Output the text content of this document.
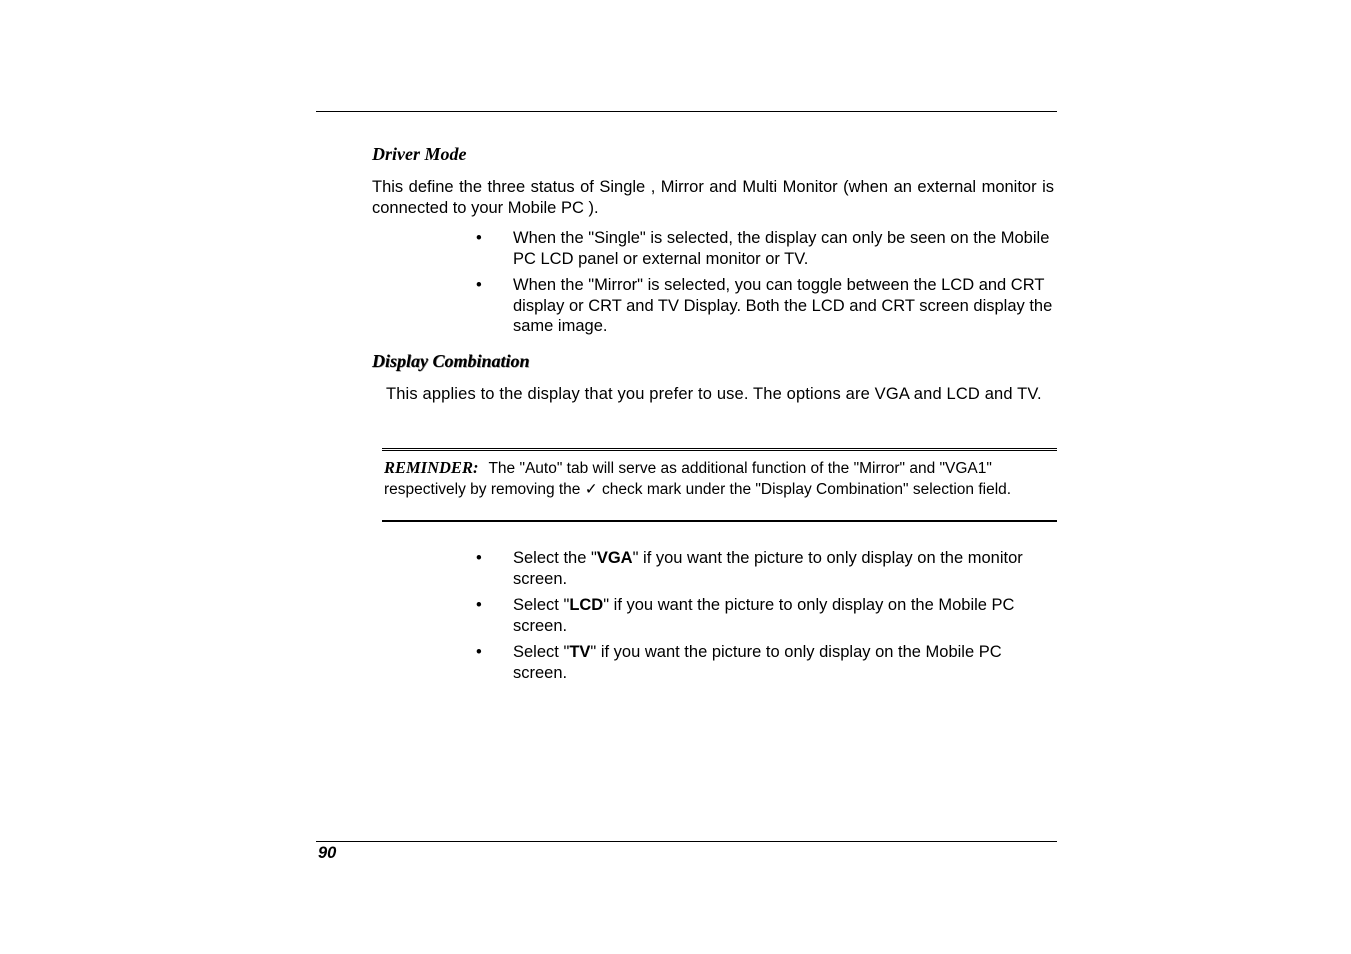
Driver Mode

This define the three status of Single , Mirror and Multi Monitor (when an external monitor is connected to your Mobile PC ).

•	When the "Single" is selected, the display can only be seen on the Mobile PC LCD panel or external monitor or TV.
•	When the "Mirror" is selected, you can toggle between the LCD and CRT display or CRT and TV Display. Both the LCD and CRT screen display the same image.
Display Combination

This applies to the display that you prefer to use. The options are VGA and LCD and TV.

REMINDER: The "Auto" tab will serve as additional function of the "Mirror" and "VGA1" respectively by removing the ✓ check mark under the "Display Combination" selection field.

•	Select the "VGA" if you want the picture to only display on the monitor screen.
•	Select "LCD" if you want the picture to only display on the Mobile PC screen.
•	Select "TV" if you want the picture to only display on the Mobile PC screen.
90
